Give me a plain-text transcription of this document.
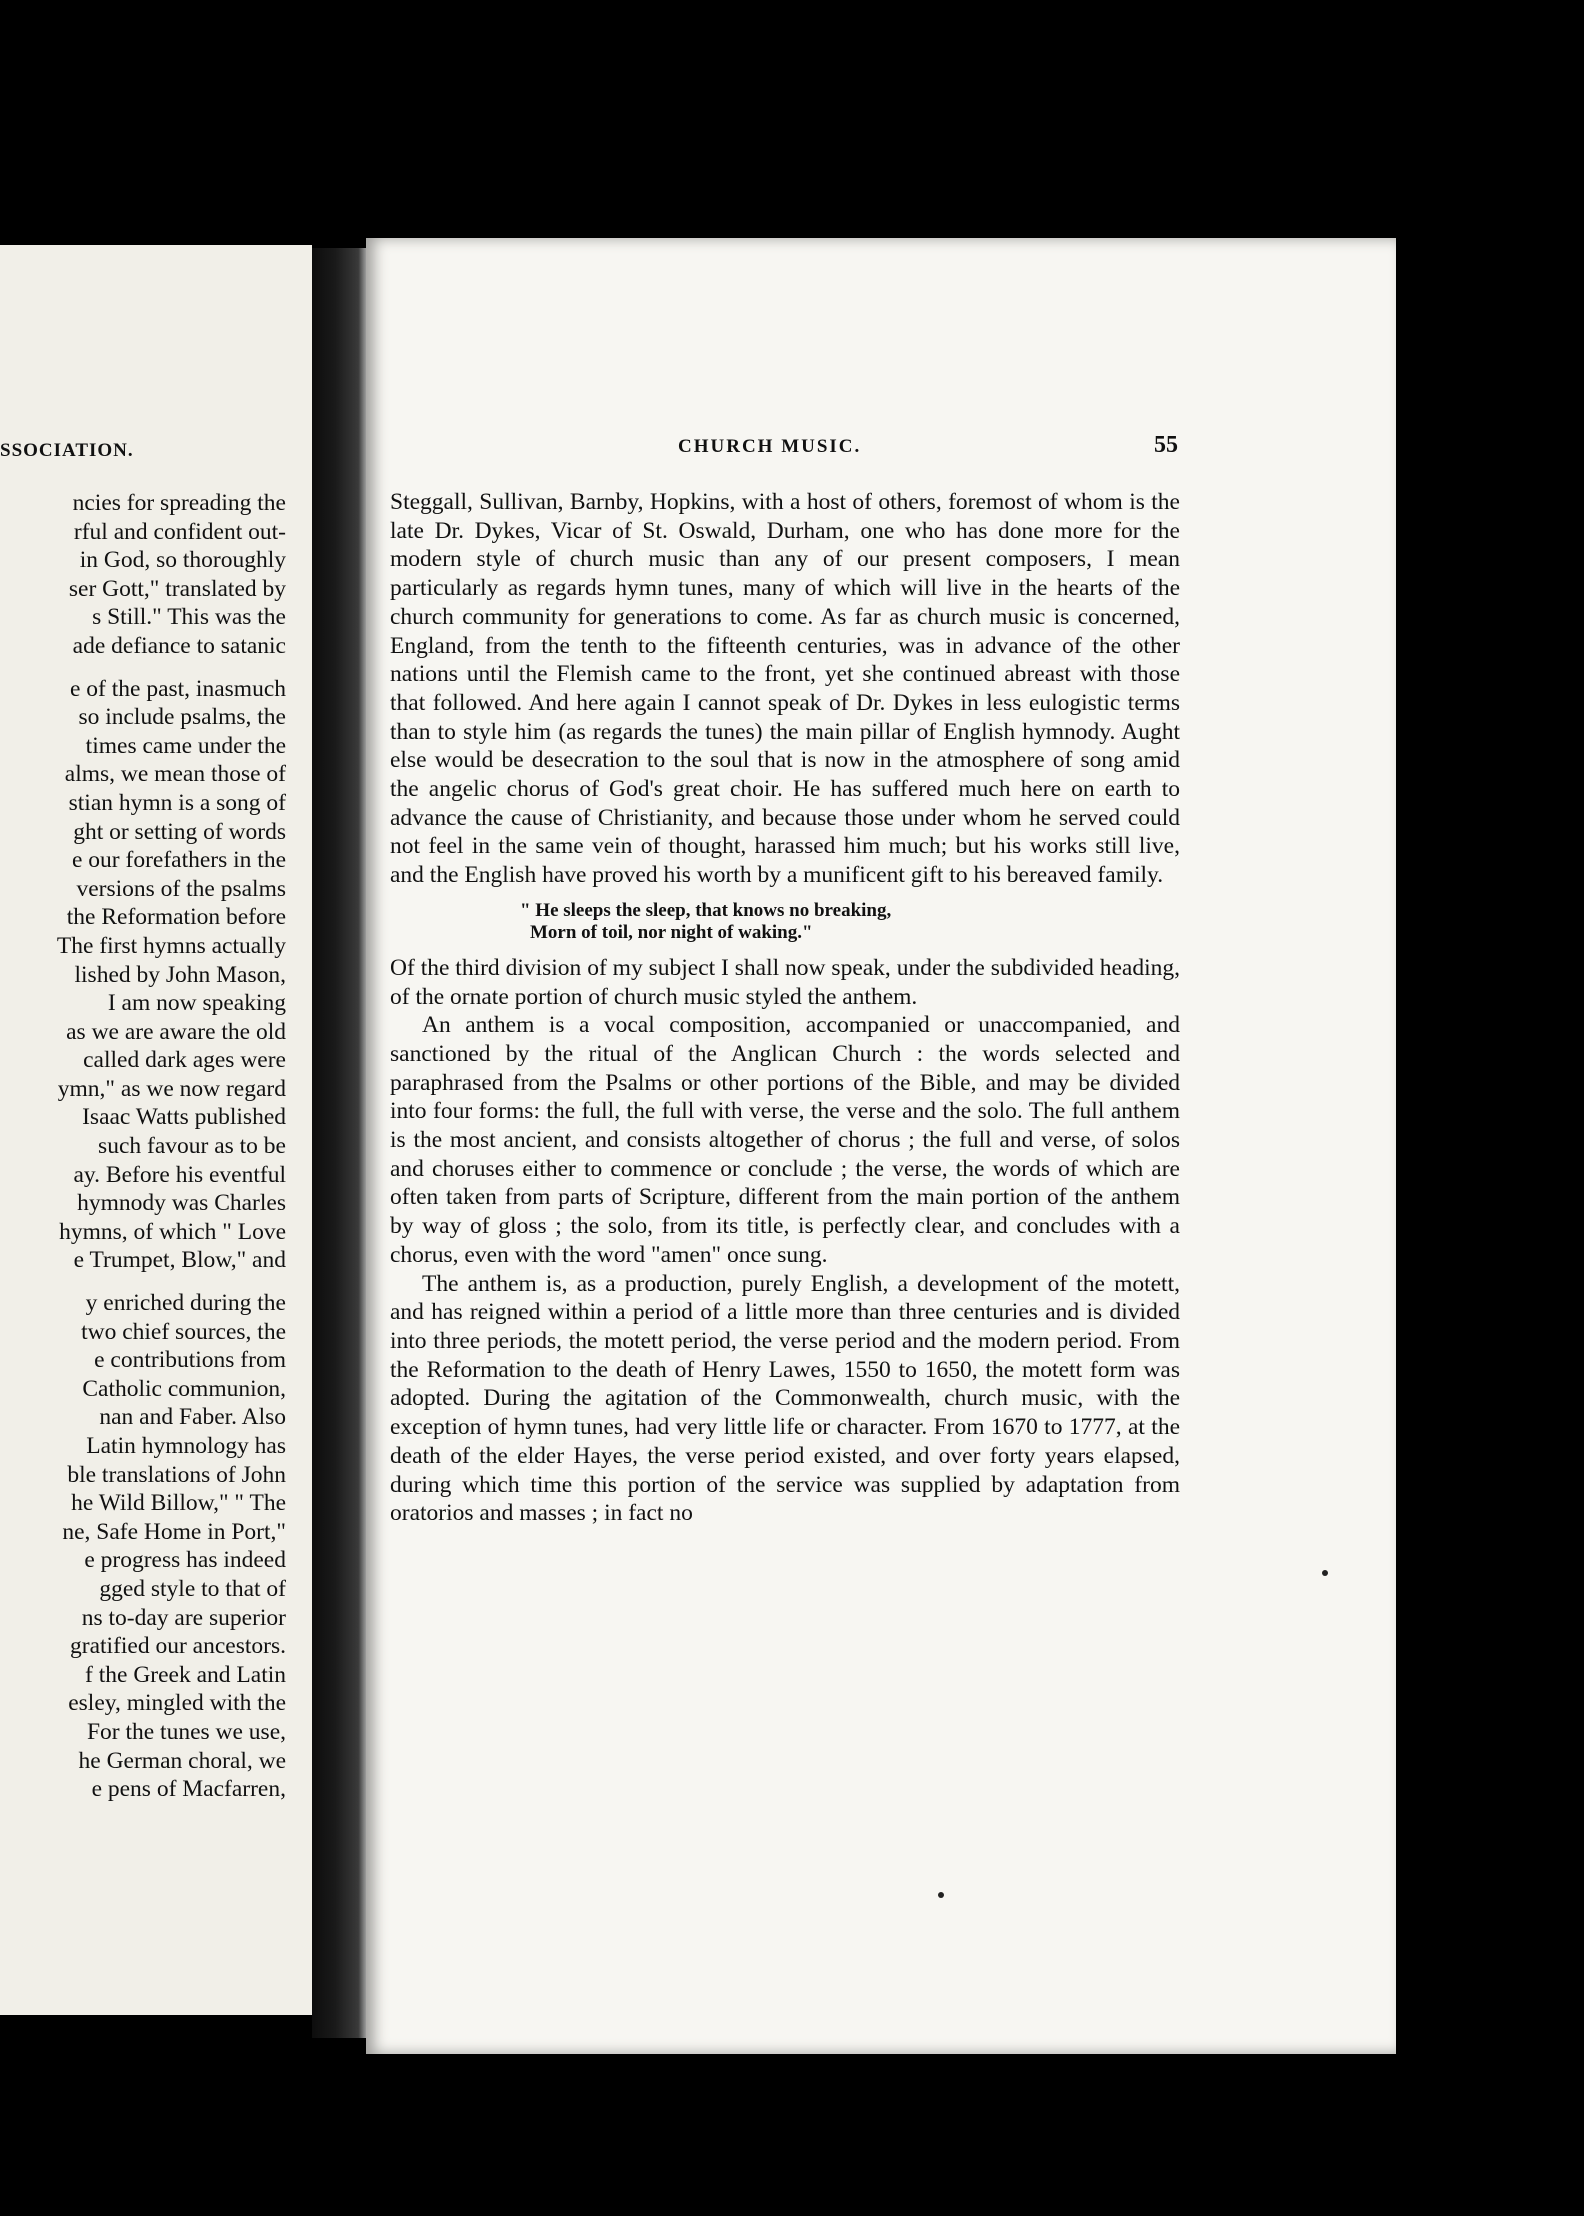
SSOCIATION.
ncies for spreading the
rful and confident out-
in God, so thoroughly
ser Gott," translated by
s Still." This was the
ade defiance to satanic
e of the past, inasmuch
so include psalms, the
times came under the
alms, we mean those of
stian hymn is a song of
ght or setting of words
e our forefathers in the
versions of the psalms
the Reformation before
The first hymns actually
lished by John Mason,
I am now speaking
as we are aware the old
called dark ages were
ymn," as we now regard
Isaac Watts published
such favour as to be
ay. Before his eventful
hymnody was Charles
hymns, of which " Love
e Trumpet, Blow," and
y enriched during the
two chief sources, the
e contributions from
Catholic communion,
nan and Faber. Also
Latin hymnology has
ble translations of John
he Wild Billow," " The
ne, Safe Home in Port,"
e progress has indeed
gged style to that of
ns to-day are superior
gratified our ancestors.
f the Greek and Latin
esley, mingled with the
For the tunes we use,
he German choral, we
e pens of Macfarren,
CHURCH MUSIC.	55

Steggall, Sullivan, Barnby, Hopkins, with a host of others, foremost of whom is the late Dr. Dykes, Vicar of St. Oswald, Durham, one who has done more for the modern style of church music than any of our present composers, I mean particularly as regards hymn tunes, many of which will live in the hearts of the church community for generations to come. As far as church music is concerned, England, from the tenth to the fifteenth centuries, was in advance of the other nations until the Flemish came to the front, yet she continued abreast with those that followed. And here again I cannot speak of Dr. Dykes in less eulogistic terms than to style him (as regards the tunes) the main pillar of English hymnody. Aught else would be desecration to the soul that is now in the atmosphere of song amid the angelic chorus of God's great choir. He has suffered much here on earth to advance the cause of Christianity, and because those under whom he served could not feel in the same vein of thought, harassed him much; but his works still live, and the English have proved his worth by a munificent gift to his bereaved family.

" He sleeps the sleep, that knows no breaking,
Morn of toil, nor night of waking."

Of the third division of my subject I shall now speak, under the subdivided heading, of the ornate portion of church music styled the anthem.

An anthem is a vocal composition, accompanied or unaccompanied, and sanctioned by the ritual of the Anglican Church : the words selected and paraphrased from the Psalms or other portions of the Bible, and may be divided into four forms: the full, the full with verse, the verse and the solo. The full anthem is the most ancient, and consists altogether of chorus ; the full and verse, of solos and choruses either to commence or conclude ; the verse, the words of which are often taken from parts of Scripture, different from the main portion of the anthem by way of gloss ; the solo, from its title, is perfectly clear, and concludes with a chorus, even with the word "amen" once sung.

The anthem is, as a production, purely English, a development of the motett, and has reigned within a period of a little more than three centuries and is divided into three periods, the motett period, the verse period and the modern period. From the Reformation to the death of Henry Lawes, 1550 to 1650, the motett form was adopted. During the agitation of the Commonwealth, church music, with the exception of hymn tunes, had very little life or character. From 1670 to 1777, at the death of the elder Hayes, the verse period existed, and over forty years elapsed, during which time this portion of the service was supplied by adaptation from oratorios and masses ; in fact no
